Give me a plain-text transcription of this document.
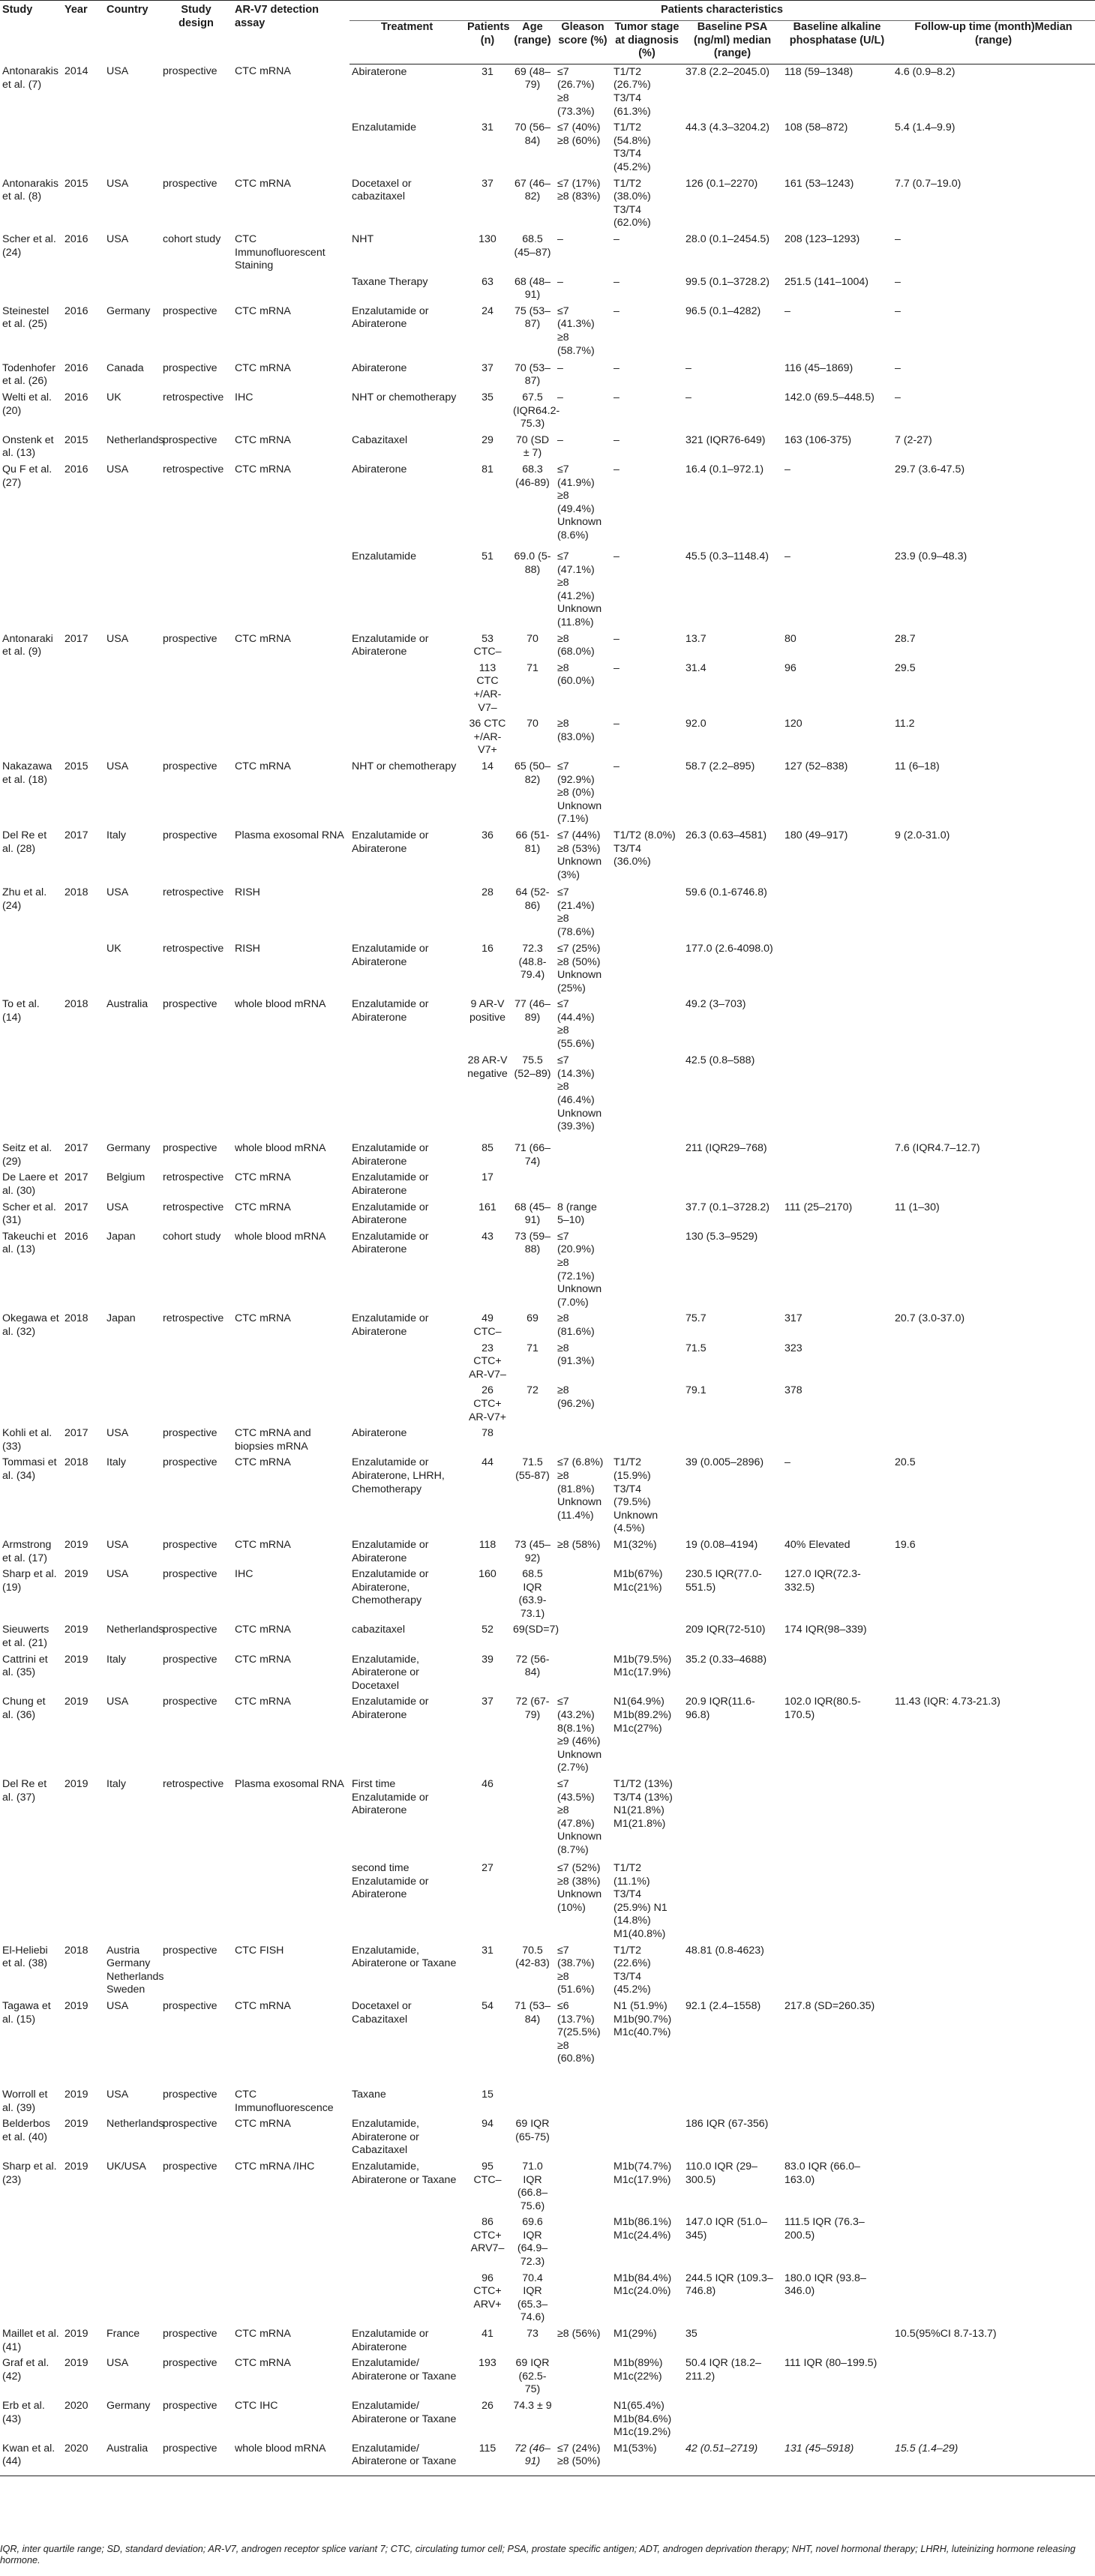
Study	Year	Country	Study design	AR-V7 detection assay	Patients characteristics							
					Treatment	Patients (n)	Age (range)	Gleason score (%)	Tumor stage at diagnosis (%)	Baseline PSA (ng/ml) median (range)	Baseline alkaline phosphatase (U/L)	Follow-up time (month)Median (range)
Antonarakis et al. (7)	2014	USA	prospective	CTC mRNA	Abiraterone	31	69 (48–79)	≤7 (26.7%) ≥8 (73.3%)	T1/T2 (26.7%) T3/T4 (61.3%)	37.8 (2.2–2045.0)	118 (59–1348)	4.6 (0.9–8.2)
					Enzalutamide	31	70 (56–84)	≤7 (40%) ≥8 (60%)	T1/T2 (54.8%) T3/T4 (45.2%)	44.3 (4.3–3204.2)	108 (58–872)	5.4 (1.4–9.9)
Antonarakis et al. (8)	2015	USA	prospective	CTC mRNA	Docetaxel or cabazitaxel	37	67 (46–82)	≤7 (17%) ≥8 (83%)	T1/T2 (38.0%) T3/T4 (62.0%)	126 (0.1–2270)	161 (53–1243)	7.7 (0.7–19.0)
Scher et al. (24)	2016	USA	cohort study	CTC Immunofluorescent Staining	NHT	130	68.5 (45–87)	–	–	28.0 (0.1–2454.5)	208 (123–1293)	–
					Taxane Therapy	63	68 (48–91)	–	–	99.5 (0.1–3728.2)	251.5 (141–1004)	–
Steinestel et al. (25)	2016	Germany	prospective	CTC mRNA	Enzalutamide or Abiraterone	24	75 (53–87)	≤7 (41.3%) ≥8 (58.7%)	–	96.5 (0.1–4282)	–	–
Todenhofer et al. (26)	2016	Canada	prospective	CTC mRNA	Abiraterone	37	70 (53–87)	–	–	–	116 (45–1869)	–
Welti et al. (20)	2016	UK	retrospective	IHC	NHT or chemotherapy	35	67.5 (IQR64.2-75.3)	–	–	–	142.0 (69.5–448.5)	–
Onstenk et al. (13)	2015	Netherlands	prospective	CTC mRNA	Cabazitaxel	29	70 (SD ± 7)	–	–	321 (IQR76-649)	163 (106-375)	7 (2-27)
Qu F et al. (27)	2016	USA	retrospective	CTC mRNA	Abiraterone	81	68.3 (46-89)	≤7 (41.9%) ≥8 (49.4%) Unknown (8.6%)	–	16.4 (0.1–972.1)	–	29.7 (3.6-47.5)
					Enzalutamide	51	69.0 (5-88)	≤7 (47.1%) ≥8 (41.2%) Unknown (11.8%)	–	45.5 (0.3–1148.4)	–	23.9 (0.9–48.3)
Antonaraki et al. (9)	2017	USA	prospective	CTC mRNA	Enzalutamide or Abiraterone	53 CTC–	70	≥8 (68.0%)	–	13.7	80	28.7
						113 CTC +/AR-V7–	71	≥8 (60.0%)	–	31.4	96	29.5
						36 CTC +/AR-V7+	70	≥8 (83.0%)	–	92.0	120	11.2
Nakazawa et al. (18)	2015	USA	prospective	CTC mRNA	NHT or chemotherapy	14	65 (50–82)	≤7 (92.9%) ≥8 (0%) Unknown (7.1%)	–	58.7 (2.2–895)	127 (52–838)	11 (6–18)
Del Re et al. (28)	2017	Italy	prospective	Plasma exosomal RNA	Enzalutamide or Abiraterone	36	66 (51-81)	≤7 (44%) ≥8 (53%) Unknown (3%)	T1/T2 (8.0%) T3/T4 (36.0%)	26.3 (0.63–4581)	180 (49–917)	9 (2.0-31.0)
Zhu et al. (24)	2018	USA	retrospective	RISH		28	64 (52-86)	≤7 (21.4%) ≥8 (78.6%)		59.6 (0.1-6746.8)		
		UK	retrospective	RISH	Enzalutamide or Abiraterone	16	72.3 (48.8-79.4)	≤7 (25%) ≥8 (50%) Unknown (25%)		177.0 (2.6-4098.0)		
To et al. (14)	2018	Australia	prospective	whole blood mRNA	Enzalutamide or Abiraterone	9 AR-V positive	77 (46–89)	≤7 (44.4%) ≥8 (55.6%)		49.2 (3–703)		
						28 AR-V negative	75.5 (52–89)	≤7 (14.3%) ≥8 (46.4%) Unknown (39.3%)		42.5 (0.8–588)		
Seitz et al. (29)	2017	Germany	prospective	whole blood mRNA	Enzalutamide or Abiraterone	85	71 (66–74)			211 (IQR29–768)		7.6 (IQR4.7–12.7)
De Laere et al. (30)	2017	Belgium	retrospective	CTC mRNA	Enzalutamide or Abiraterone	17						
Scher et al. (31)	2017	USA	retrospective	CTC mRNA	Enzalutamide or Abiraterone	161	68 (45–91)	8 (range 5–10)		37.7 (0.1–3728.2)	111 (25–2170)	11 (1–30)
Takeuchi et al. (13)	2016	Japan	cohort study	whole blood mRNA	Enzalutamide or Abiraterone	43	73 (59–88)	≤7 (20.9%) ≥8 (72.1%) Unknown (7.0%)		130 (5.3–9529)		
Okegawa et al. (32)	2018	Japan	retrospective	CTC mRNA	Enzalutamide or Abiraterone	49 CTC–	69	≥8 (81.6%)		75.7	317	20.7 (3.0-37.0)
						23 CTC+ AR-V7–	71	≥8 (91.3%)		71.5	323	
						26 CTC+ AR-V7+	72	≥8 (96.2%)		79.1	378	
Kohli et al. (33)	2017	USA	prospective	CTC mRNA and biopsies mRNA	Abiraterone	78						
Tommasi et al. (34)	2018	Italy	prospective	CTC mRNA	Enzalutamide or Abiraterone, LHRH, Chemotherapy	44	71.5 (55-87)	≤7 (6.8%) ≥8 (81.8%) Unknown (11.4%)	T1/T2 (15.9%) T3/T4 (79.5%) Unknown (4.5%)	39 (0.005–2896)	–	20.5
Armstrong et al. (17)	2019	USA	prospective	CTC mRNA	Enzalutamide or Abiraterone	118	73 (45–92)	≥8 (58%)	M1(32%)	19 (0.08–4194)	40% Elevated	19.6
Sharp et al. (19)	2019	USA	prospective	IHC	Enzalutamide or Abiraterone, Chemotherapy	160	68.5 IQR (63.9-73.1)		M1b(67%) M1c(21%)	230.5 IQR(77.0-551.5)	127.0 IQR(72.3-332.5)	
Sieuwerts et al. (21)	2019	Netherlands	prospective	CTC mRNA	cabazitaxel	52	69(SD=7)			209 IQR(72-510)	174 IQR(98–339)	
Cattrini et al. (35)	2019	Italy	prospective	CTC mRNA	Enzalutamide, Abiraterone or Docetaxel	39	72 (56-84)		M1b(79.5%) M1c(17.9%)	35.2 (0.33–4688)		
Chung et al. (36)	2019	USA	prospective	CTC mRNA	Enzalutamide or Abiraterone	37	72 (67-79)	≤7 (43.2%) 8(8.1%) ≥9 (46%) Unknown (2.7%)	N1(64.9%) M1b(89.2%) M1c(27%)	20.9 IQR(11.6-96.8)	102.0 IQR(80.5-170.5)	11.43 (IQR: 4.73-21.3)
Del Re et al. (37)	2019	Italy	retrospective	Plasma exosomal RNA	First time Enzalutamide or Abiraterone	46		≤7 (43.5%) ≥8 (47.8%) Unknown (8.7%)	T1/T2 (13%) T3/T4 (13%) N1(21.8%) M1(21.8%)			
					second time Enzalutamide or Abiraterone	27		≤7 (52%) ≥8 (38%) Unknown (10%)	T1/T2 (11.1%) T3/T4 (25.9%) N1 (14.8%) M1(40.8%)			
El-Heliebi et al. (38)	2018	Austria Germany Netherlands Sweden	prospective	CTC FISH	Enzalutamide, Abiraterone or Taxane	31	70.5 (42-83)	≤7 (38.7%) ≥8 (51.6%)	T1/T2 (22.6%) T3/T4 (45.2%)	48.81 (0.8-4623)		
Tagawa et al. (15)	2019	USA	prospective	CTC mRNA	Docetaxel or Cabazitaxel	54	71 (53–84)	≤6 (13.7%) 7(25.5%) ≥8 (60.8%)	N1 (51.9%) M1b(90.7%) M1c(40.7%)	92.1 (2.4–1558)	217.8 (SD=260.35)	
Worroll et al. (39)	2019	USA	prospective	CTC Immunofluorescence	Taxane	15						
Belderbos et al. (40)	2019	Netherlands	prospective	CTC mRNA	Enzalutamide, Abiraterone or Cabazitaxel	94	69 IQR (65-75)			186 IQR (67-356)		
Sharp et al. (23)	2019	UK/USA	prospective	CTC mRNA /IHC	Enzalutamide, Abiraterone or Taxane	95 CTC–	71.0 IQR (66.8–75.6)		M1b(74.7%) M1c(17.9%)	110.0 IQR (29–300.5)	83.0 IQR (66.0–163.0)	
						86 CTC+ ARV7–	69.6 IQR (64.9–72.3)		M1b(86.1%) M1c(24.4%)	147.0 IQR (51.0–345)	111.5 IQR (76.3–200.5)	
						96 CTC+ ARV+	70.4 IQR (65.3–74.6)		M1b(84.4%) M1c(24.0%)	244.5 IQR (109.3–746.8)	180.0 IQR (93.8–346.0)	
Maillet et al. (41)	2019	France	prospective	CTC mRNA	Enzalutamide or Abiraterone	41	73	≥8 (56%)	M1(29%)	35		10.5(95%CI 8.7-13.7)
Graf et al. (42)	2019	USA	prospective	CTC mRNA	Enzalutamide/ Abiraterone or Taxane	193	69 IQR (62.5-75)		M1b(89%) M1c(22%)	50.4 IQR (18.2–211.2)	111 IQR (80–199.5)	
Erb et al. (43)	2020	Germany	prospective	CTC IHC	Enzalutamide/ Abiraterone or Taxane	26	74.3 ± 9		N1(65.4%) M1b(84.6%) M1c(19.2%)			
Kwan et al. (44)	2020	Australia	prospective	whole blood mRNA	Enzalutamide/ Abiraterone or Taxane	115	72 (46–91)	≤7 (24%) ≥8 (50%)	M1(53%)	42 (0.51–2719)	131 (45–5918)	15.5 (1.4–29)
IQR, inter quartile range; SD, standard deviation; AR-V7, androgen receptor splice variant 7; CTC, circulating tumor cell; PSA, prostate specific antigen; ADT, androgen deprivation therapy; NHT, novel hormonal therapy; LHRH, luteinizing hormone releasing hormone.
